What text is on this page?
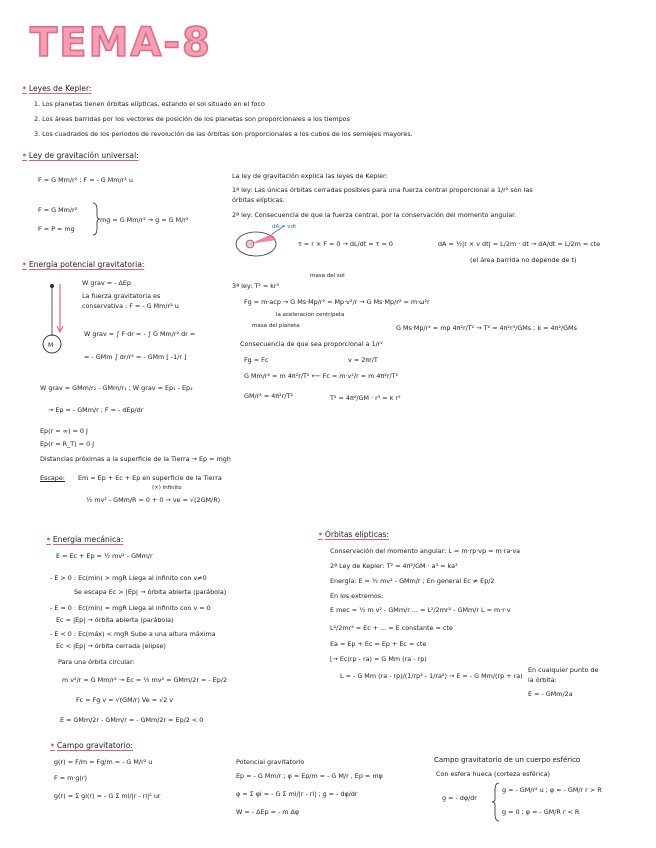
TEMA-8
• Leyes de Kepler:
1. Los planetas tienen órbitas elípticas, estando el sol situado en el foco
2. Los áreas barridas por los vectores de posición de los planetas son proporcionales a los tiempos
3. Los cuadrados de los periodos de revolución de las órbitas son proporcionales a los cubos de los semiejes mayores.
• Ley de gravitación universal:
F = G Mm/r² ; F = - G Mm/r² u
F = G Mm/r²
F = P = mg
mg = G Mm/r² → g = G M/r²
La ley de gravitación explica las leyes de Kepler:
1ª ley: Las únicas órbitas cerradas posibles para una fuerza central proporcional a 1/r² son las
órbitas elípticas.
2ª ley: Consecuencia de que la fuerza central, por la conservación del momento angular.
dA = vdt
τ = r × F = 0 → dL/dt = τ = 0	dA = ½|r × v dt| = L/2m · dt → dA/dt = L/2m = cte
(el área barrida no depende de t)
3ª ley: T² = kr³
masa del sol
Fg = m·acp → G Ms·Mp/r² = Mp·v²/r → G Ms·Mp/r² = m·ω²r
la aceleración centrípeta
masa del planeta	G Ms·Mp/r² = mp 4π²r/T² → T² = 4π²r³/GMs ; k = 4π²/GMs
Consecuencia de que sea proporcional a 1/r²
Fg = Fc
G Mm/r² = m 4π²r/T² ⟵ Fc = m·v²/r = m 4π²r/T²
v = 2πr/T
GM/r² = 4π²r/T²	T² = 4π²/GM · r³ = k r³
• Energía potencial gravitatoria:
M
W grav = - ΔEp
La fuerza gravitatoria es
conservativa : F = - G Mm/r² u
W grav = ∫ F·dr = - ∫ G Mm/r² dr =
= - GMm ∫ dr/r² = - GMm [ -1/r ]
W grav = GMm/r₂ - GMm/r₁ ; W grav = Ep₁ - Ep₂
→ Ep = - GMm/r ; F = - dEp/dr
Ep(r = ∞) = 0 J
Ep(r = R_T) = 0 J
Distancias próximas a la superficie de la Tierra → Ep = mgh
Escape: Em = Ep + Ec + Ep en superficie de la Tierra
(∞) infinito
½ mv² - GMm/R = 0 + 0 → ve = √(2GM/R)
• Energía mecánica:
E = Ec + Ep = ½ mv² - GMm/r
- E > 0 : Ec(min) > mgR Llega al infinito con v≠0
Se escapa Ec > |Ep| → órbita abierta (parábola)
- E = 0 : Ec(min) = mgR Llega al infinito con v = 0
Ec = |Ep| → órbita abierta (parábola)
- E < 0 : Ec(máx) < mgR Sube a una altura máxima
Ec < |Ep| → órbita cerrada (elipse)
Para una órbita circular:
m v²/r = G Mm/r² → Ec = ½ mv² = GMm/2r = - Ep/2
Fc = Fg v = √(GM/r) Ve = √2 v
E = GMm/2r - GMm/r = - GMm/2r = Ep/2 < 0
• Órbitas elípticas:
Conservación del momento angular: L = m·rp·vp = m·ra·va
2ª Ley de Kepler: T² = 4π²/GM · a³ = ka³
Energía: E = ½ mv² - GMm/r ; En general Ec ≠ Ep/2
En los extremos:
E mec = ½ m v² - GMm/r ... = L²/2mr² - GMm/r L = m·r·v
L²/2mr² = Ec + ... = E constante = cte
Ea = Ep + Ec = Ep + Ec = cte
⌊→ Ec(rp - ra) = G Mm (ra - rp)
L = - G Mm (ra - rp)/(1/rp² - 1/ra²) → E = - G Mm/(rp + ra)
En cualquier punto de
la órbita:
E = - GMm/2a
• Campo gravitatorio:
g(r) = F/m = Fg/m = - G M/r² u
F = m·g(r)
g(r) = Σ gi(r) = - G Σ mi/|r - ri|² ur
Potencial gravitatorio
Ep = - G Mm/r ; φ = Ep/m = - G M/r , Ep = mφ
φ = Σ φi = - G Σ mi/|r - ri| ; g = - dφ/dr
W = - ΔEp = - m Δφ
Campo gravitatorio de un cuerpo esférico
Con esfera hueca (corteza esférica)
g = - dφ/dr
g = - GM/r² u ; φ = - GM/r r > R
g = 0 ; φ = - GM/R r < R
